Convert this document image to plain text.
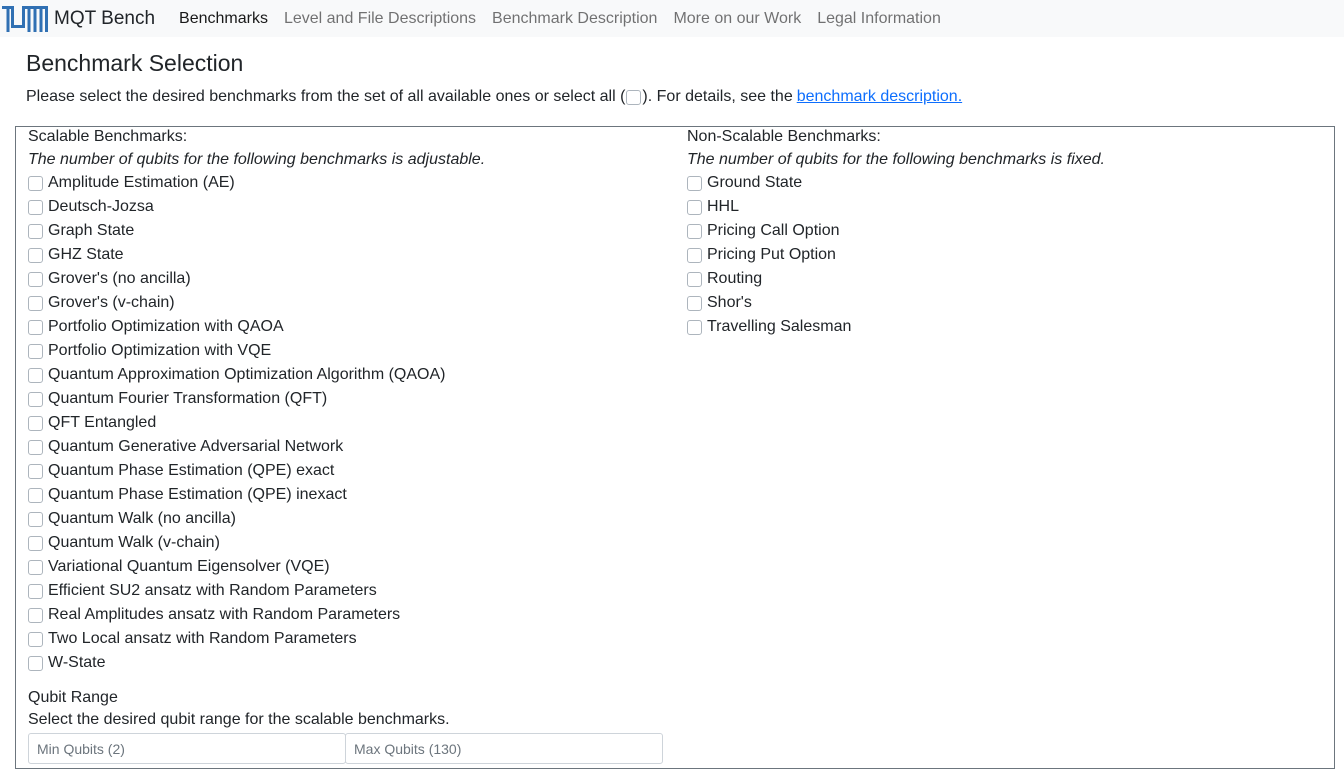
MQT Bench Benchmarks Level and File Descriptions Benchmark Description More on our Work Legal Information
Benchmark Selection
Please select the desired benchmarks from the set of all available ones or select all ( ). For details, see the benchmark description.
Scalable Benchmarks:
The number of qubits for the following benchmarks is adjustable.
Amplitude Estimation (AE)
Deutsch-Jozsa
Graph State
GHZ State
Grover's (no ancilla)
Grover's (v-chain)
Portfolio Optimization with QAOA
Portfolio Optimization with VQE
Quantum Approximation Optimization Algorithm (QAOA)
Quantum Fourier Transformation (QFT)
QFT Entangled
Quantum Generative Adversarial Network
Quantum Phase Estimation (QPE) exact
Quantum Phase Estimation (QPE) inexact
Quantum Walk (no ancilla)
Quantum Walk (v-chain)
Variational Quantum Eigensolver (VQE)
Efficient SU2 ansatz with Random Parameters
Real Amplitudes ansatz with Random Parameters
Two Local ansatz with Random Parameters
W-State
Non-Scalable Benchmarks:
The number of qubits for the following benchmarks is fixed.
Ground State
HHL
Pricing Call Option
Pricing Put Option
Routing
Shor's
Travelling Salesman
Qubit Range
Select the desired qubit range for the scalable benchmarks.
Min Qubits (2)
Max Qubits (130)
